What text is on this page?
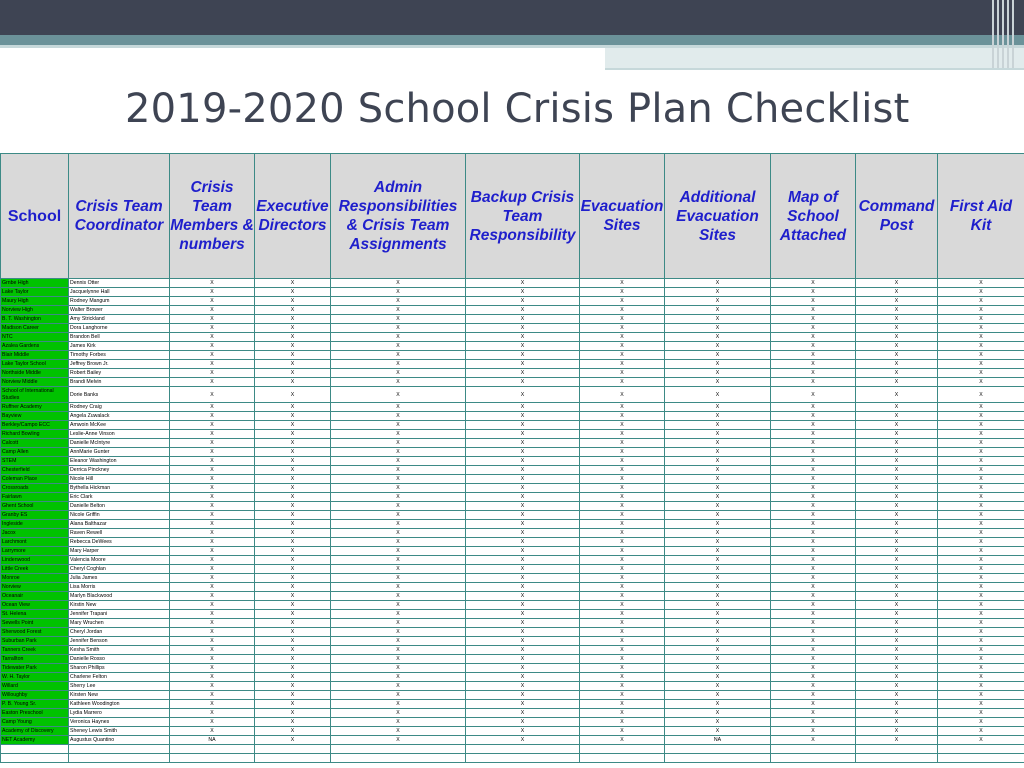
2019-2020 School Crisis Plan Checklist
School	Crisis Team Coordinator	Crisis Team Members & numbers	Executive Directors	Admin Responsibilities & Crisis Team Assignments	Backup Crisis Team Responsibility	Evacuation Sites	Additional Evacuation Sites	Map of School Attached	Command Post	First Aid Kit
Grnbe High	Dennis Otter	X	X	X	X	X	X	X	X	X
Lake Taylor	Jacquelynne Hall	X	X	X	X	X	X	X	X	X
Maury High	Rodney Mangum	X	X	X	X	X	X	X	X	X
Norview High	Walter Brower	X	X	X	X	X	X	X	X	X
B. T. Washington	Amy Strickland	X	X	X	X	X	X	X	X	X
Madison Career	Dora Langhorne	X	X	X	X	X	X	X	X	X
NTC	Brandon Bell	X	X	X	X	X	X	X	X	X
Azalea Gardens	James Kirk	X	X	X	X	X	X	X	X	X
Blair Middle	Timothy Forbes	X	X	X	X	X	X	X	X	X
Lake Taylor School	Jeffrey Brown Jr.	X	X	X	X	X	X	X	X	X
Northside Middle	Robert Bailey	X	X	X	X	X	X	X	X	X
Norview Middle	Brandi Melvin	X	X	X	X	X	X	X	X	X
School of International Studies	Dorie Banks	X	X	X	X	X	X	X	X	X
Ruffner Academy	Rodney Craig	X	X	X	X	X	X	X	X	X
Bayview	Angela Zuwalack	X	X	X	X	X	X	X	X	X
Berkley/Campo ECC	Amwoin McKee	X	X	X	X	X	X	X	X	X
Richard Bowling	Leslie-Anne Vinson	X	X	X	X	X	X	X	X	X
Calcott	Danielle McIntyre	X	X	X	X	X	X	X	X	X
Camp Allen	AnnMarie Gunter	X	X	X	X	X	X	X	X	X
STEM	Eleanor Washington	X	X	X	X	X	X	X	X	X
Chesterfield	Derrica Pinckney	X	X	X	X	X	X	X	X	X
Coleman Place	Nicole Hill	X	X	X	X	X	X	X	X	X
Crossroads	Bythella Hickman	X	X	X	X	X	X	X	X	X
Fairlawn	Eric Clark	X	X	X	X	X	X	X	X	X
Ghent School	Danielle Belton	X	X	X	X	X	X	X	X	X
Granby ES	Nicole Griffin	X	X	X	X	X	X	X	X	X
Ingleside	Alana Balthazar	X	X	X	X	X	X	X	X	X
Jacox	Raven Rewell	X	X	X	X	X	X	X	X	X
Larchmont	Rebecca DeWees	X	X	X	X	X	X	X	X	X
Larrymore	Mary Harper	X	X	X	X	X	X	X	X	X
Lindenwood	Valencia Moore	X	X	X	X	X	X	X	X	X
Little Creek	Cheryl Coghlan	X	X	X	X	X	X	X	X	X
Monroe	Julia James	X	X	X	X	X	X	X	X	X
Norview	Lisa Morris	X	X	X	X	X	X	X	X	X
Oceanair	Marlyn Blackwood	X	X	X	X	X	X	X	X	X
Ocean View	Kirstin New	X	X	X	X	X	X	X	X	X
St. Helena	Jennifer Trapani	X	X	X	X	X	X	X	X	X
Sewells Point	Mary Wruchen	X	X	X	X	X	X	X	X	X
Sherwood Forest	Cheryl Jordan	X	X	X	X	X	X	X	X	X
Suburban Park	Jennifer Benson	X	X	X	X	X	X	X	X	X
Tanners Creek	Kesha Smith	X	X	X	X	X	X	X	X	X
Tarrallton	Danielle Rosso	X	X	X	X	X	X	X	X	X
Tidewater Park	Sharon Phillips	X	X	X	X	X	X	X	X	X
W. H. Taylor	Charlene Felton	X	X	X	X	X	X	X	X	X
Willard	Sherry Lee	X	X	X	X	X	X	X	X	X
Willoughby	Kirsten New	X	X	X	X	X	X	X	X	X
P. B. Young Sr.	Kathleen Woodington	X	X	X	X	X	X	X	X	X
Easton Preschool	Lydia Marrero	X	X	X	X	X	X	X	X	X
Camp Young	Veronica Haynes	X	X	X	X	X	X	X	X	X
Academy of Discovery	Sheney Lewis Smith	X	X	X	X	X	X	X	X	X
NET Academy	Augustus Quantino	NA	X	X	X	X	NA	X	X	X
